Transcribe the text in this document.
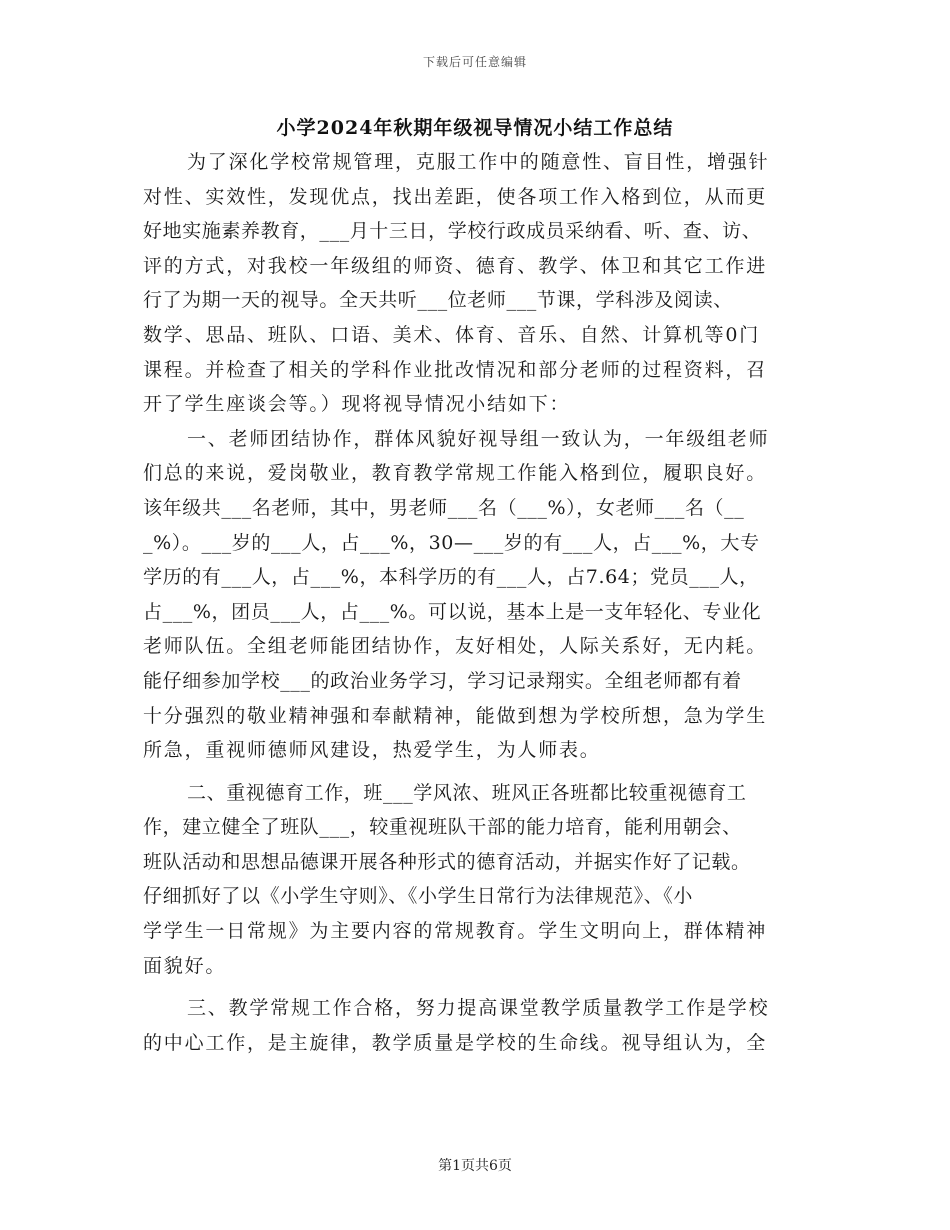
下载后可任意编辑
小学2024年秋期年级视导情况小结工作总结
为了深化学校常规管理，克服工作中的随意性、盲目性，增强针
对性、实效性，发现优点，找出差距，使各项工作入格到位，从而更
好地实施素养教育，___月十三日，学校行政成员采纳看、听、查、访、
评的方式，对我校一年级组的师资、德育、教学、体卫和其它工作进
行了为期一天的视导。全天共听___位老师___节课，学科涉及阅读、
数学、思品、班队、口语、美术、体育、音乐、自然、计算机等0门
课程。并检查了相关的学科作业批改情况和部分老师的过程资料，召
开了学生座谈会等。）现将视导情况小结如下：
一、老师团结协作，群体风貌好视导组一致认为，一年级组老师
们总的来说，爱岗敬业，教育教学常规工作能入格到位，履职良好。
该年级共___名老师，其中，男老师___名（___%），女老师___名（__
_%）。___岁的___人，占___%，30—___岁的有___人，占___%，大专
学历的有___人，占___%，本科学历的有___人，占7.64；党员___人，
占___%，团员___人，占___%。可以说，基本上是一支年轻化、专业化
老师队伍。全组老师能团结协作，友好相处，人际关系好，无内耗。
能仔细参加学校___的政治业务学习，学习记录翔实。全组老师都有着
十分强烈的敬业精神强和奉献精神，能做到想为学校所想，急为学生
所急，重视师德师风建设，热爱学生，为人师表。
二、重视德育工作，班___学风浓、班风正各班都比较重视德育工
作，建立健全了班队___，较重视班队干部的能力培育，能利用朝会、
班队活动和思想品德课开展各种形式的德育活动，并据实作好了记载。
仔细抓好了以《小学生守则》、《小学生日常行为法律规范》、《小
学学生一日常规》为主要内容的常规教育。学生文明向上，群体精神
面貌好。
三、教学常规工作合格，努力提高课堂教学质量教学工作是学校
的中心工作，是主旋律，教学质量是学校的生命线。视导组认为，全
第1页共6页
